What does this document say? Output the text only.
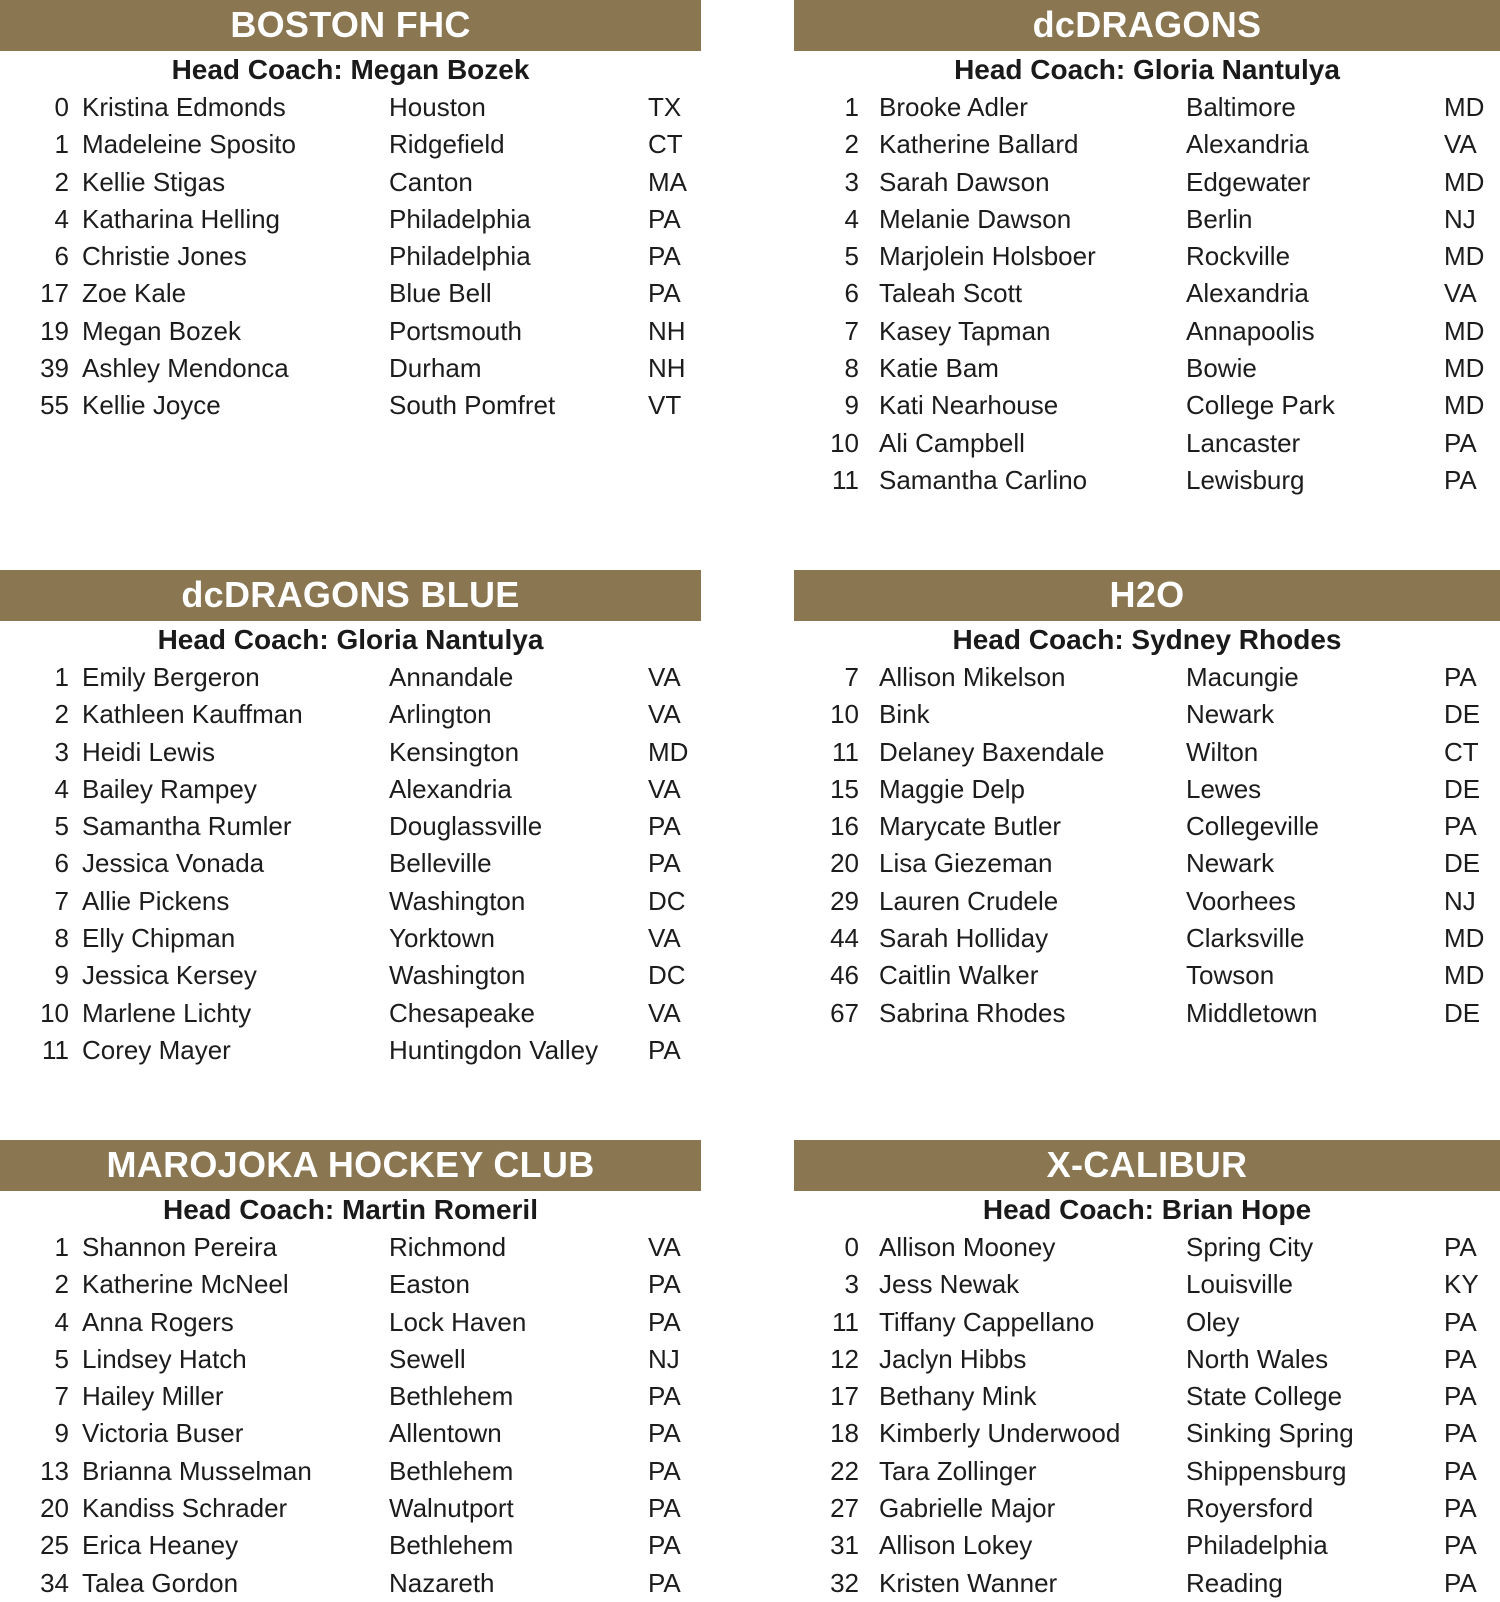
BOSTON FHC
Head Coach: Megan Bozek
0 Kristina Edmonds	Houston	TX
1 Madeleine Sposito	Ridgefield	CT
2 Kellie Stigas	Canton	MA
4 Katharina Helling	Philadelphia	PA
6 Christie Jones	Philadelphia	PA
17 Zoe Kale	Blue Bell	PA
19 Megan Bozek	Portsmouth	NH
39 Ashley Mendonca	Durham	NH
55 Kellie Joyce	South Pomfret	VT
dcDRAGONS
Head Coach: Gloria Nantulya
1 Brooke Adler	Baltimore	MD
2 Katherine Ballard	Alexandria	VA
3 Sarah Dawson	Edgewater	MD
4 Melanie Dawson	Berlin	NJ
5 Marjolein Holsboer	Rockville	MD
6 Taleah Scott	Alexandria	VA
7 Kasey Tapman	Annapoolis	MD
8 Katie Bam	Bowie	MD
9 Kati Nearhouse	College Park	MD
10 Ali Campbell	Lancaster	PA
11 Samantha Carlino	Lewisburg	PA
dcDRAGONS BLUE
Head Coach: Gloria Nantulya
1 Emily Bergeron	Annandale	VA
2 Kathleen Kauffman	Arlington	VA
3 Heidi Lewis	Kensington	MD
4 Bailey Rampey	Alexandria	VA
5 Samantha Rumler	Douglassville	PA
6 Jessica Vonada	Belleville	PA
7 Allie Pickens	Washington	DC
8 Elly Chipman	Yorktown	VA
9 Jessica Kersey	Washington	DC
10 Marlene Lichty	Chesapeake	VA
11 Corey Mayer	Huntingdon Valley PA
H2O
Head Coach: Sydney Rhodes
7 Allison Mikelson	Macungie	PA
10 Bink	Newark	DE
11 Delaney Baxendale	Wilton	CT
15 Maggie Delp	Lewes	DE
16 Marycate Butler	Collegeville	PA
20 Lisa Giezeman	Newark	DE
29 Lauren Crudele	Voorhees	NJ
44 Sarah Holliday	Clarksville	MD
46 Caitlin Walker	Towson	MD
67 Sabrina Rhodes	Middletown	DE
MAROJOKA HOCKEY CLUB
Head Coach: Martin Romeril
1 Shannon Pereira	Richmond	VA
2 Katherine McNeel	Easton	PA
4 Anna Rogers	Lock Haven	PA
5 Lindsey Hatch	Sewell	NJ
7 Hailey Miller	Bethlehem	PA
9 Victoria Buser	Allentown	PA
13 Brianna Musselman	Bethlehem	PA
20 Kandiss Schrader	Walnutport	PA
25 Erica Heaney	Bethlehem	PA
34 Talea Gordon	Nazareth	PA
X-CALIBUR
Head Coach: Brian Hope
0 Allison Mooney	Spring City	PA
3 Jess Newak	Louisville	KY
11 Tiffany Cappellano	Oley	PA
12 Jaclyn Hibbs	North Wales	PA
17 Bethany Mink	State College	PA
18 Kimberly Underwood	Sinking Spring	PA
22 Tara Zollinger	Shippensburg	PA
27 Gabrielle Major	Royersford	PA
31 Allison Lokey	Philadelphia	PA
32 Kristen Wanner	Reading	PA
